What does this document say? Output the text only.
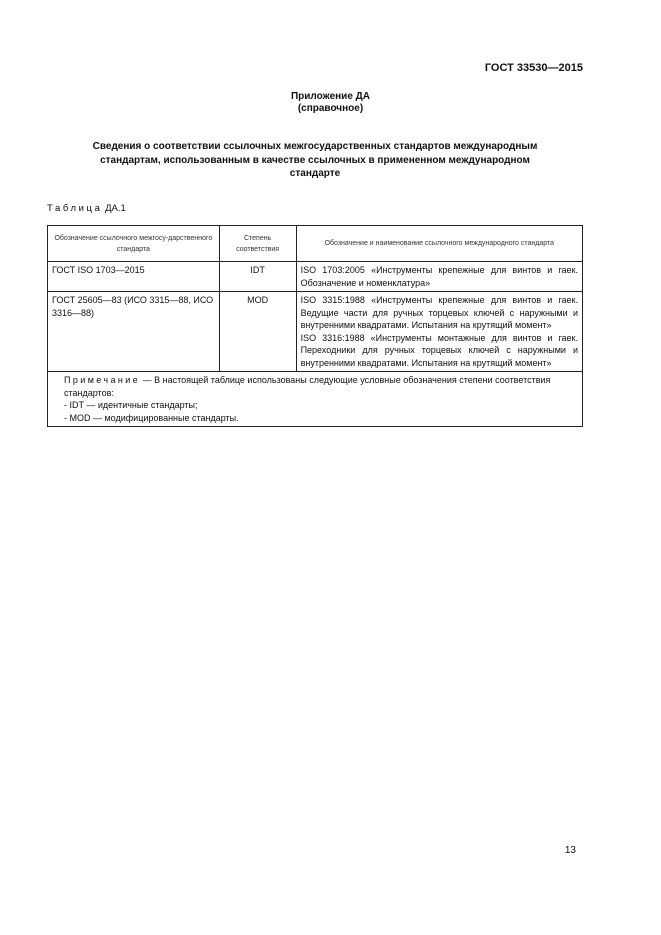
ГОСТ 33530—2015
Приложение ДА
(справочное)
Сведения о соответствии ссылочных межгосударственных стандартов международным
стандартам, использованным в качестве ссылочных в примененном международном
стандарте
Таблица ДА.1
Обозначение ссылочного межгосу-дарственного стандарта	Степень соответствия	Обозначение и наименование ссылочного международного стандарта
ГОСТ ISO 1703—2015	IDT	ISO 1703:2005 «Инструменты крепежные для винтов и гаек. Обозначение и номенклатура»
ГОСТ 25605—83 (ИСО 3315—88, ИСО 3316—88)	MOD	ISO 3315:1988 «Инструменты крепежные для винтов и гаек. Ведущие части для ручных торцевых ключей с наружными и внутренними квадратами. Испытания на крутящий момент»
ISO 3316:1988 «Инструменты монтажные для винтов и гаек. Переходники для ручных торцевых ключей с наружными и внутренними квадратами. Испытания на крутящий момент»

Примечание — В настоящей таблице использованы следующие условные обозначения степени соответствия стандартов:
- IDT — идентичные стандарты;
- MOD — модифицированные стандарты.		
13
